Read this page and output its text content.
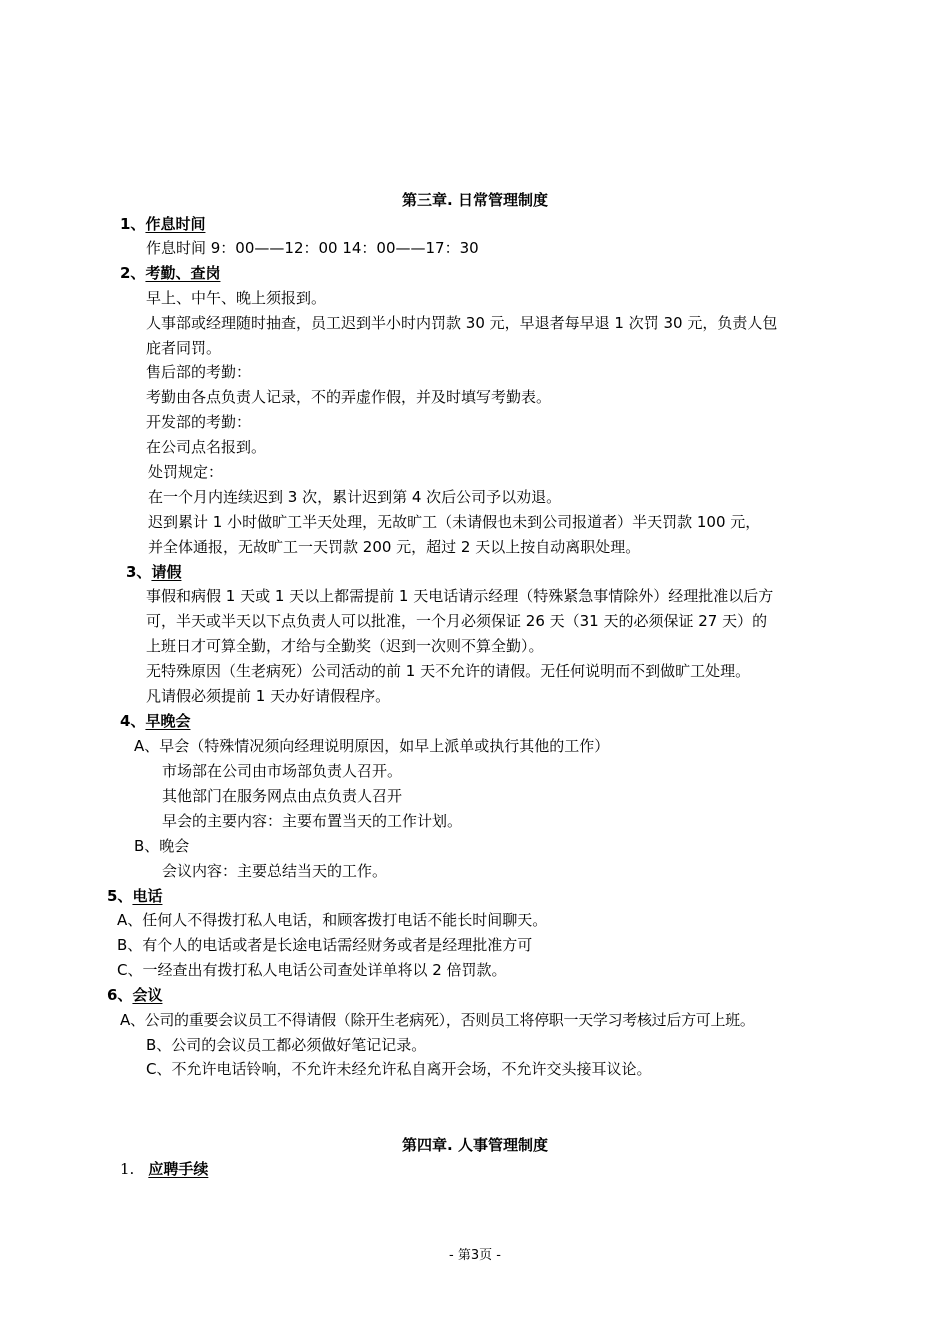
第三章. 日常管理制度
1、作息时间
作息时间 9：00——12：00 14：00——17：30
2、考勤、查岗
早上、中午、晚上须报到。
人事部或经理随时抽查，员工迟到半小时内罚款 30 元，早退者每早退 1 次罚 30 元，负责人包
庇者同罚。
售后部的考勤：
考勤由各点负责人记录，不的弄虚作假，并及时填写考勤表。
开发部的考勤：
在公司点名报到。
处罚规定：
在一个月内连续迟到 3 次，累计迟到第 4 次后公司予以劝退。
迟到累计 1 小时做旷工半天处理，无故旷工（未请假也未到公司报道者）半天罚款 100 元，
并全体通报，无故旷工一天罚款 200 元，超过 2 天以上按自动离职处理。
3、请假
事假和病假 1 天或 1 天以上都需提前 1 天电话请示经理（特殊紧急事情除外）经理批准以后方
可，半天或半天以下点负责人可以批准，一个月必须保证 26 天（31 天的必须保证 27 天）的
上班日才可算全勤，才给与全勤奖（迟到一次则不算全勤）。
无特殊原因（生老病死）公司活动的前 1 天不允许的请假。无任何说明而不到做旷工处理。
凡请假必须提前 1 天办好请假程序。
4、早晚会
A、早会（特殊情况须向经理说明原因，如早上派单或执行其他的工作）
市场部在公司由市场部负责人召开。
其他部门在服务网点由点负责人召开
早会的主要内容：主要布置当天的工作计划。
B、晚会
会议内容：主要总结当天的工作。
5、电话
A、任何人不得拨打私人电话，和顾客拨打电话不能长时间聊天。
B、有个人的电话或者是长途电话需经财务或者是经理批准方可
C、一经查出有拨打私人电话公司查处详单将以 2 倍罚款。
6、会议
A、公司的重要会议员工不得请假（除开生老病死），否则员工将停职一天学习考核过后方可上班。
B、公司的会议员工都必须做好笔记记录。
C、不允许电话铃响，不允许未经允许私自离开会场，不允许交头接耳议论。
第四章. 人事管理制度
1. 应聘手续
- 第3页 -
